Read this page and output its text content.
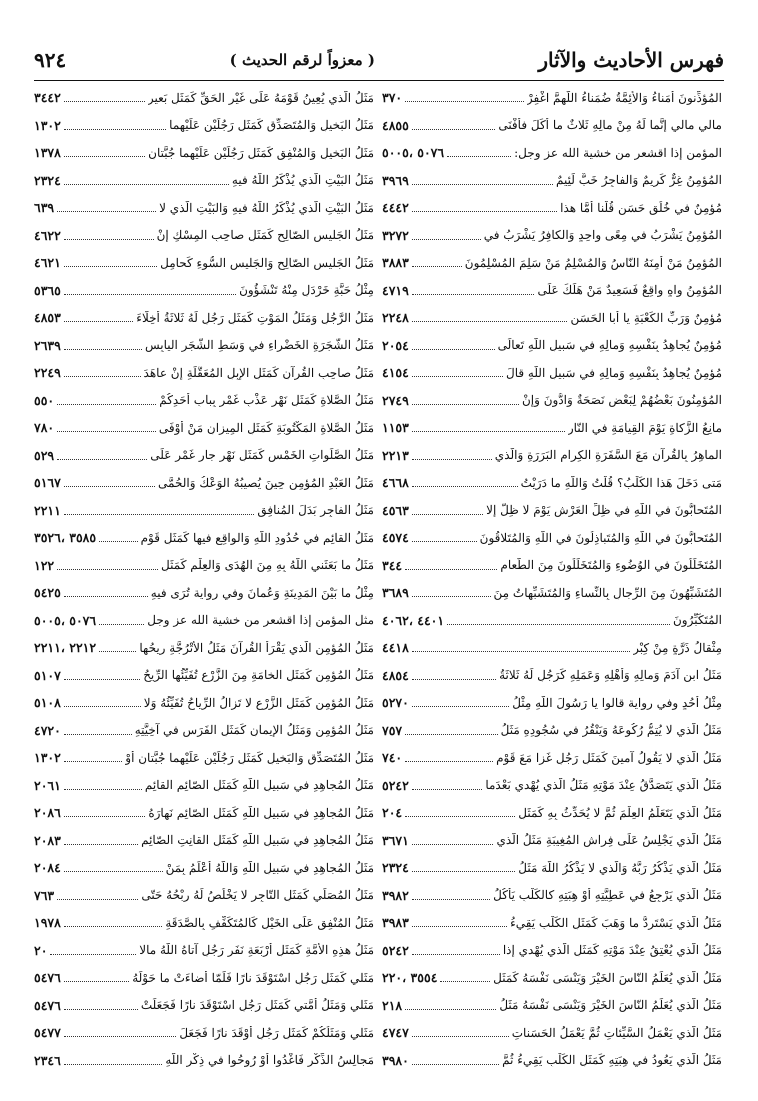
٩٢٤	( معزواً لرقم الحديث )	فهرس الأحاديث والآثار
المُؤذِّنونَ أُمَناءُ وَالأَئِمَّةُ ضُمَناءُ اللَّهمَّ اغْفِرْ
٣٧٠
مالي مالي إنَّما لَهُ مِنْ مالِهِ ثَلاثٌ ما أَكَلَ فأفْنَى
٤٨٥٥
المؤمن إذا اقشعر من خشية الله عز وجل:
٥٠٧٦ ،٥٠٠٥
المُؤمِنُ غِرٌّ كَرِيمٌ وَالفاجِرُ خَبٌّ لَئِيمٌ
٣٩٦٩
مُؤمِنٌ في خُلُقٍ حَسَنٍ قُلْنا أمَّا هذا
٤٤٤٢
المُؤمِنُ يَشْرَبُ في مِعًى واحِدٍ وَالكافِرُ يَشْرَبُ في
٣٢٧٢
المُؤمِنُ مَنْ أَمِنَهُ النّاسُ وَالمُسْلِمُ مَنْ سَلِمَ المُسْلِمُونَ
٣٨٨٣
المُؤمِنُ واهٍ واقِعٌ فَسَعِيدٌ مَنْ هَلَكَ عَلَى
٤٧١٩
مُؤمِنٌ وَرَبِّ الكَعْبَةِ يا أبا الحَسَنِ
٢٢٤٨
مُؤمِنٌ يُجاهِدُ بِنَفْسِهِ وَمالِهِ في سَبيلِ اللَّهِ تَعالَى
٢٠٥٤
مُؤمِنٌ يُجاهِدُ بِنَفْسِهِ وَمالِهِ في سَبيلِ اللَّهِ قالَ
٤١٥٤
المُؤمِنُونَ بَعْضُهُمْ لِبَعْضٍ نَصَحَةٌ وَادُّونَ وَإنْ
٢٧٤٩
مانِعُ الزَّكاةِ يَوْمَ القِيامَةِ في النّارِ
١١٥٣
الماهِرُ بِالقُرآنِ مَعَ السَّفَرَةِ الكِرامِ البَرَرَةِ وَالَّذي
٢٢١٣
مَتى دَخَلَ هَذا الكَلْبُ؟ قُلْتُ وَاللَّهِ ما دَرَيْتُ
٤٦٦٨
المُتَحابُّونَ في اللَّهِ في ظِلِّ العَرْشِ يَوْمَ لا ظِلَّ إلا
٤٥٦٣
المُتَحابُّونَ في اللَّهِ وَالمُتَباذِلُونَ في اللَّهِ وَالمُتَلاقُونَ
٤٥٧٤
المُتَخَلِّلُونَ في الوُضُوءِ وَالمُتَخَلِّلُونَ مِنَ الطَّعامِ
٣٤٤
المُتَشَبِّهُونَ مِنَ الرِّجالِ بِالنِّساءِ وَالمُتَشَبِّهاتُ مِنَ
٣٦٨٩
المُتَكَبِّرُونَ
٤٤٠١ ،٤٠٦٢
مِثْقالُ ذَرَّةٍ مِنْ كِبْرٍ
٤٤١٨
مَثَلُ ابنِ آدَمَ وَمالِهِ وَأَهْلِهِ وَعَمَلِهِ كَرَجُلٍ لَهُ ثَلاثَةُ
٤٨٥٤
مِثْلُ أُحُدٍ وفي رواية قالوا يا رَسُولَ اللَّهِ مِثْلُ
٥٢٧٠
مَثَلُ الَّذي لا يُتِمُّ رُكُوعَهُ وَيَنْقُرُ في سُجُودِهِ مَثَلُ
٧٥٧
مَثَلُ الَّذي لا يَقُولُ آمينَ كَمَثَلِ رَجُلٍ غَزا مَعَ قَوْمٍ
٧٤٠
مَثَلُ الَّذي يَتَصَدَّقُ عِنْدَ مَوْتِهِ مَثَلُ الَّذي يُهْدي بَعْدَما
٥٢٤٢
مَثَلُ الَّذي يَتَعَلَّمُ العِلْمَ ثُمَّ لا يُحَدِّثُ بِهِ كَمَثَلِ
٢٠٤
مَثَلُ الَّذي يَجْلِسُ عَلَى فِراشِ المُغِيبَةِ مَثَلُ الَّذي
٣٦٧١
مَثَلُ الَّذي يَذْكُرُ رَبَّهُ وَالَّذي لا يَذْكُرُ اللَّهَ مَثَلُ
٢٣٢٤
مَثَلُ الَّذي يَرْجِعُ في عَطِيَّتِهِ أَوْ هِبَتِهِ كالكَلْبِ يَأْكُلُ
٣٩٨٢
مَثَلُ الَّذي يَسْتَرِدُّ ما وَهَبَ كَمَثَلِ الكَلْبِ يَقِيءُ
٣٩٨٣
مَثَلُ الَّذي يُعْتِقُ عِنْدَ مَوْتِهِ كَمَثَلِ الَّذي يُهْدي إذا
٥٢٤٢
مَثَلُ الَّذي يُعَلِّمُ النّاسَ الخَيْرَ وَيَنْسَى نَفْسَهُ كَمَثَلِ
٣٥٥٤ ،٢٢٠
مَثَلُ الَّذي يُعَلِّمُ النّاسَ الخَيْرَ وَيَنْسَى نَفْسَهُ مَثَلُ
٢١٨
مَثَلُ الَّذي يَعْمَلُ السَّيِّئاتِ ثُمَّ يَعْمَلُ الحَسَناتِ
٤٧٤٧
مَثَلُ الَّذي يَعُودُ في هِبَتِهِ كَمَثَلِ الكَلْبِ يَقِيءُ ثُمَّ
٣٩٨٠
مَثَلُ الَّذي يُعِينُ قَوْمَهُ عَلَى غَيْرِ الحَقِّ كَمَثَلِ بَعيرٍ
٣٤٤٢
مَثَلُ البَخيلِ وَالمُتَصَدِّقِ كَمَثَلِ رَجُلَيْنِ عَلَيْهِما
١٣٠٢
مَثَلُ البَخيلِ وَالمُنْفِقِ كَمَثَلِ رَجُلَيْنِ عَلَيْهِما جُبَّتانِ
١٣٧٨
مَثَلُ البَيْتِ الَّذي يُذْكَرُ اللَّهُ فيهِ
٢٣٢٤
مَثَلُ البَيْتِ الَّذي يُذْكَرُ اللَّهُ فيهِ وَالبَيْتِ الَّذي لا
٦٣٩
مَثَلُ الجَليسِ الصّالِحِ كَمَثَلِ صاحِبِ المِسْكِ إنْ
٤٦٢٢
مَثَلُ الجَليسِ الصّالِحِ وَالجَليسِ السُّوءِ كَحامِلِ
٤٦٢١
مِثْلُ حَبَّةِ خَرْدَلٍ مِنْهُ تَنْشَؤُونَ
٥٣٦٥
مَثَلُ الرَّجُلِ وَمَثَلُ المَوْتِ كَمَثَلِ رَجُلٍ لَهُ ثَلاثَةُ أَخِلّاءَ
٤٨٥٣
مَثَلُ الشَّجَرَةِ الخَضْراءِ في وَسَطِ الشَّجَرِ اليابِسِ
٢٦٣٩
مَثَلُ صاحِبِ القُرآنِ كَمَثَلِ الإبِلِ المُعَقَّلَةِ إنْ عاهَدَ
٢٢٤٩
مَثَلُ الصَّلاةِ كَمَثَلِ نَهْرٍ عَذْبٍ غَمْرٍ بِبابِ أَحَدِكُمْ
٥٥٠
مَثَلُ الصَّلاةِ المَكْتُوبَةِ كَمَثَلِ المِيزانِ مَنْ أَوْفَى
٧٨٠
مَثَلُ الصَّلَواتِ الخَمْسِ كَمَثَلِ نَهْرٍ جارٍ غَمْرٍ عَلَى
٥٢٩
مَثَلُ العَبْدِ المُؤمِنِ حِينَ يُصيبُهُ الوَعْكُ وَالحُمَّى
٥١٦٧
مَثَلُ الفاجِرِ بَدَلَ المُنافِقِ
٢٢١١
مَثَلُ القائِمِ في حُدُودِ اللَّهِ وَالواقِعِ فيها كَمَثَلِ قَوْمٍ
٣٥٨٥ ،٣٥٢٦
مَثَلُ ما بَعَثَني اللَّهُ بِهِ مِنَ الهُدَى وَالعِلْمِ كَمَثَلِ
١٢٢
مِثْلُ ما بَيْنَ المَدِينَةِ وَعُمانَ وفي رواية تُرَى فيهِ
٥٤٢٥
مثل المؤمن إذا اقشعر من خشية الله عز وجل
٥٠٧٦ ،٥٠٠٥
مَثَلُ المُؤمِنِ الَّذي يَقْرَأُ القُرآنَ مَثَلُ الأُتْرُجَّةِ رِيحُها
٢٢١٢ ،٢٢١١
مَثَلُ المُؤمِنِ كَمَثَلِ الخامَةِ مِنَ الزَّرْعِ تُفَيِّئُها الرِّيحُ
٥١٠٧
مَثَلُ المُؤمِنِ كَمَثَلِ الزَّرْعِ لا تَزالُ الرِّياحُ تُفَيِّئُهُ وَلا
٥١٠٨
مَثَلُ المُؤمِنِ وَمَثَلُ الإيمانِ كَمَثَلِ الفَرَسِ في آخِيَّتِهِ
٤٧٢٠
مَثَلُ المُتَصَدِّقِ وَالبَخيلِ كَمَثَلِ رَجُلَيْنِ عَلَيْهِما جُبَّتانِ أَوْ
١٣٠٢
مَثَلُ المُجاهِدِ في سَبيلِ اللَّهِ كَمَثَلِ الصّائِمِ القائِمِ
٢٠٦١
مَثَلُ المُجاهِدِ في سَبيلِ اللَّهِ كَمَثَلِ الصّائِمِ نَهارَهُ
٢٠٨٦
مَثَلُ المُجاهِدِ في سَبيلِ اللَّهِ كَمَثَلِ القانِتِ الصّائِمِ
٢٠٨٣
مَثَلُ المُجاهِدِ في سَبيلِ اللَّهِ وَاللَّهُ أَعْلَمُ بِمَنْ
٢٠٨٤
مَثَلُ المُصَلِّي كَمَثَلِ التّاجِرِ لا يَخْلُصُ لَهُ رِبْحُهُ حَتّى
٧٦٣
مَثَلُ المُنْفِقِ عَلَى الخَيْلِ كَالمُتَكَفِّفِ بِالصَّدَقَةِ
١٩٧٨
مَثَلُ هذِهِ الأُمَّةِ كَمَثَلِ أَرْبَعَةِ نَفَرٍ رَجُلٍ آتاهُ اللَّهُ مالا
٢٠
مَثَلي كَمَثَلِ رَجُلٍ اسْتَوْقَدَ نارًا فَلَمّا أَضاءَتْ ما حَوْلَهُ
٥٤٧٦
مَثَلي وَمَثَلُ أُمَّتي كَمَثَلِ رَجُلٍ اسْتَوْقَدَ نارًا فَجَعَلَتْ
٥٤٧٦
مَثَلي وَمَثَلُكُمْ كَمَثَلِ رَجُلٍ أَوْقَدَ نارًا فَجَعَلَ
٥٤٧٧
مَجالِسُ الذِّكْرِ فَاغْدُوا أَوْ رُوحُوا في ذِكْرِ اللَّهِ
٢٣٤٦
